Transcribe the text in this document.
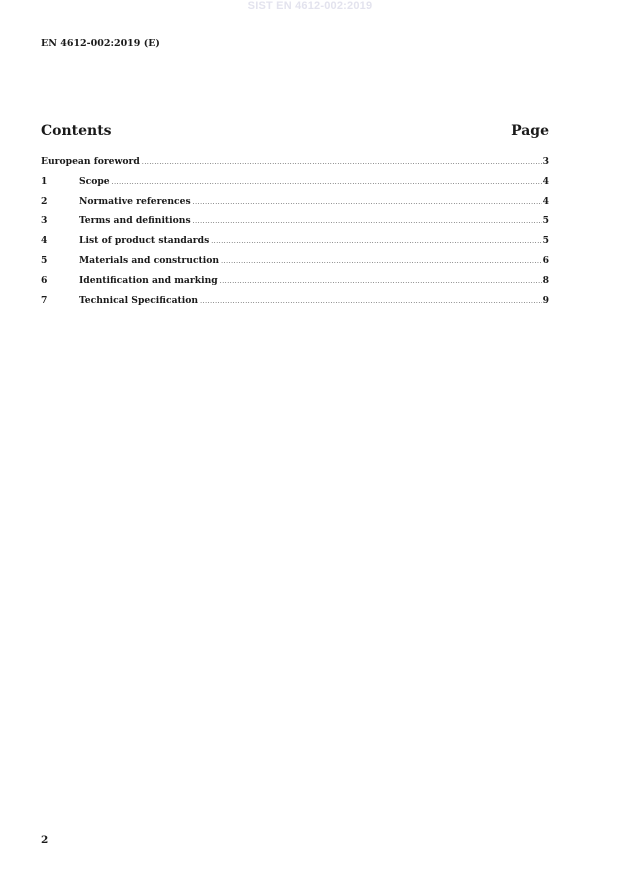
SIST EN 4612-002:2019
EN 4612-002:2019 (E)
Contents	Page
European foreword .....	3
1	Scope .....	4
2	Normative references .....	4
3	Terms and definitions .....	5
4	List of product standards .....	5
5	Materials and construction .....	6
6	Identification and marking .....	8
7	Technical Specification .....	9
2
